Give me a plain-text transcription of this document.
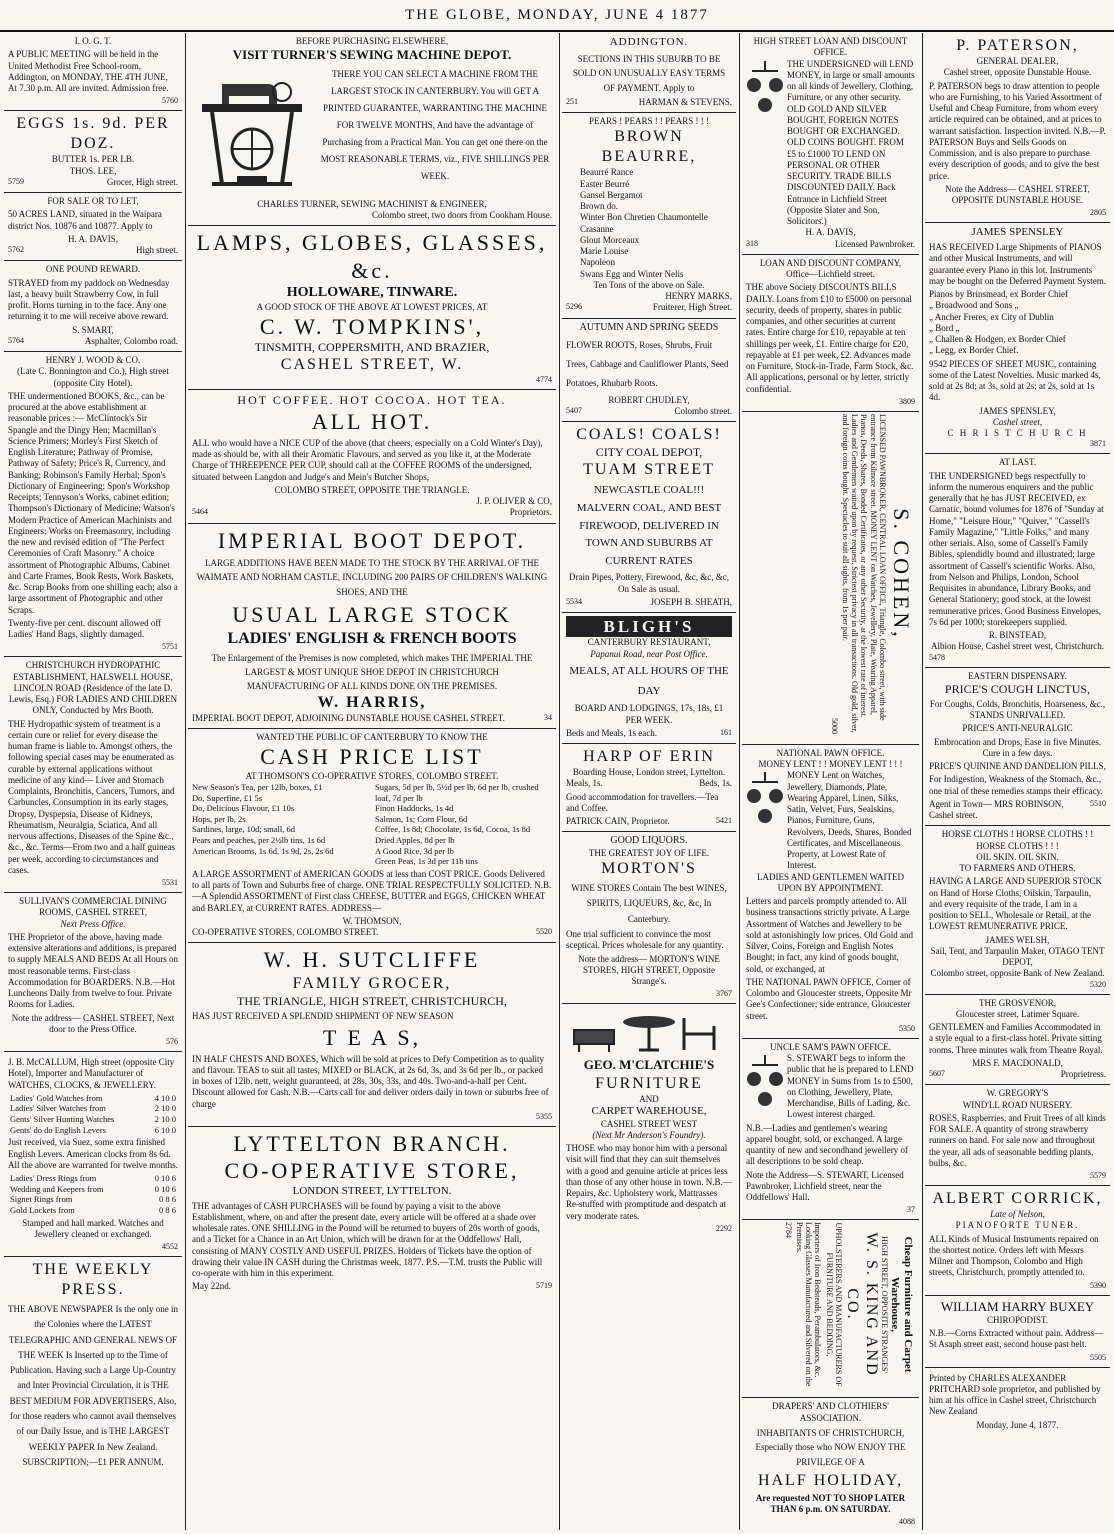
THE GLOBE, MONDAY, JUNE 4 1877
I. O. G. T.

A PUBLIC MEETING will be held in the United Methodist Free School-room, Addington, on MONDAY, THE 4TH JUNE, At 7.30 p.m. All are invited. Admission free.

5760
EGGS 1s. 9d. PER DOZ.
BUTTER 1s. PER LB.
THOS. LEE,
5759	Grocer, High street.
FOR SALE OR TO LET,

50 ACRES LAND, situated in the Waipara district Nos. 10876 and 10877. Apply to

H. A. DAVIS,
5762	High street.
ONE POUND REWARD.

STRAYED from my paddock on Wednesday last, a heavy built Strawberry Cow, in full profit. Horns turning in to the face. Any one returning it to me will receive above reward.

S. SMART,
5764	Asphalter, Colombo road.
HENRY J. WOOD & CO.
(Late C. Bonnington and Co.), High street (opposite City Hotel).

THE undermentioned BOOKS, &c., can be procured at the above establishment at reasonable prices :— McClintock's Sir Spangle and the Dingy Hen; Macmillan's Science Primers; Morley's First Sketch of English Literature; Pathway of Promise, Pathway of Safety; Price's R, Currency, and Banking; Robinson's Family Herbal; Spon's Dictionary of Engineering; Spon's Workshop Receipts; Tennyson's Works, cabinet edition; Thompson's Dictionary of Medicine; Watson's Modern Practice of American Machinists and Engineers; Works on Freemasonry, including the new and revised edition of "The Perfect Ceremonies of Craft Masonry." A choice assortment of Photographic Albums, Cabinet and Carte Frames, Book Rests, Work Baskets, &c. Scrap Books from one shilling each; also a large assortment of Photographic and other Scraps.

Twenty-five per cent. discount allowed off Ladies' Hand Bags, slightly damaged.

5751
CHRISTCHURCH HYDROPATHIC ESTABLISHMENT, HALSWELL HOUSE,
LINCOLN ROAD (Residence of the late D. Lewis, Esq.) FOR LADIES AND CHILDREN ONLY, Conducted by Mrs Booth.

THE Hydropathic system of treatment is a certain cure or relief for every disease the human frame is liable to. Amongst others, the following special cases may be enumerated as curable by external applications without medicine of any kind— Liver and Stomach Complaints, Bronchitis, Cancers, Tumors, and Carbuncles, Consumption in its early stages, Dropsy, Dyspepsia, Disease of Kidneys, Rheumatism, Neuralgia, Sciatica, And all nervous affections, Diseases of the Spine &c., &c., &c. Terms—From two and a half guineas per week, according to circumstances and cases.

5531
SULLIVAN'S COMMERCIAL DINING ROOMS, CASHEL STREET,
Next Press Office.

THE Proprietor of the above, having made extensive alterations and additions, is prepared to supply MEALS AND BEDS At all Hours on most reasonable terms. First-class Accommodation for BOARDERS. N.B.—Hot Luncheons Daily from twelve to four. Private Rooms for Ladies.

Note the address— CASHEL STREET, Next door to the Press Office.

576

J. B. McCALLUM, High street (opposite City Hotel), Importer and Manufacturer of WATCHES, CLOCKS, & JEWELLERY.

Ladies' Gold Watches from	4 10 0
Ladies' Silver Watches from	2 10 0
Gents' Silver Hunting Watches	2 10 0
Gents' do do English Levers	6 10 0

Just received, via Suez, some extra finished English Levers. American clocks from 8s 6d. All the above are warranted for twelve months.

Ladies' Dress Rings from	0 10 6
Wedding and Keepers from	0 10 6
Signet Rings from	0 8 6
Gold Lockets from	0 8 6

Stamped and hall marked. Watches and Jewellery cleaned or exchanged.

4552
THE WEEKLY PRESS.

THE ABOVE NEWSPAPER Is the only one in the Colonies where the LATEST TELEGRAPHIC AND GENERAL NEWS OF THE WEEK Is Inserted up to the Time of Publication. Having such a Large Up-Country and Inter Provincial Circulation, it is THE BEST MEDIUM FOR ADVERTISERS, Also, for those readers who cannot avail themselves of our Daily Issue, and is THE LARGEST WEEKLY PAPER In New Zealand.

SUBSCRIPTION;—£1 PER ANNUM.
BEFORE PURCHASING ELSEWHERE,
VISIT TURNER'S SEWING MACHINE DEPOT.

THERE YOU CAN SELECT A MACHINE FROM THE LARGEST STOCK IN CANTERBURY. You will GET A PRINTED GUARANTEE, WARRANTING THE MACHINE FOR TWELVE MONTHS, And have the advantage of Purchasing from a Practical Man. You can get one there on the MOST REASONABLE TERMS, viz., FIVE SHILLINGS PER WEEK.

CHARLES TURNER, SEWING MACHINIST & ENGINEER,
Colombo street, two doors from Cookham House.
LAMPS, GLOBES, GLASSES, &c.
HOLLOWARE, TINWARE.
A GOOD STOCK OF THE ABOVE AT LOWEST PRICES, AT
C. W. TOMPKINS',
TINSMITH, COPPERSMITH, AND BRAZIER,
CASHEL STREET, W.
4774
HOT COFFEE. HOT COCOA. HOT TEA.
ALL HOT.

ALL who would have a NICE CUP of the above (that cheers, especially on a Cold Winter's Day), made as should be, with all their Aromatic Flavours, and served as you like it, at the Moderate Charge of THREEPENCE PER CUP, should call at the COFFEE ROOMS of the undersigned, situated between Langdon and Judge's and Mein's Butcher Shops,

COLOMBO STREET, OPPOSITE THE TRIANGLE.
J. P. OLIVER & CO,
5464	Proprietors.
IMPERIAL BOOT DEPOT.

LARGE ADDITIONS HAVE BEEN MADE TO THE STOCK BY THE ARRIVAL OF THE WAIMATE AND NORHAM CASTLE, INCLUDING 200 PAIRS OF CHILDREN'S WALKING SHOES, AND THE

USUAL LARGE STOCK
LADIES' ENGLISH & FRENCH BOOTS

The Enlargement of the Premises is now completed, which makes THE IMPERIAL THE LARGEST & MOST UNIQUE SHOE DEPOT IN CHRISTCHURCH

MANUFACTURING OF ALL KINDS DONE ON THE PREMISES.
W. HARRIS,
IMPERIAL BOOT DEPOT, ADJOINING DUNSTABLE HOUSE CASHEL STREET.	34
WANTED THE PUBLIC OF CANTERBURY TO KNOW THE
CASH PRICE LIST
AT THOMSON'S CO-OPERATIVE STORES, COLOMBO STREET.
New Season's Tea, per 12lb, boxes, £1
Do, Superfine, £1 5s
Do, Delicious Flavour, £1 10s
Hops, per lb, 2s
Sardines, large, 10d; small, 6d
Pears and peaches, per 2½lb tins, 1s 6d
American Brooms, 1s 6d, 1s 9d, 2s, 2s 6d
Sugars, 5d per lb, 5½d per lb, 6d per lb, crushed loaf, 7d per lb
Finon Haddocks, 1s 4d
Salmon, 1s; Corn Flour, 6d
Coffee, 1s 8d; Chocolate, 1s 6d, Cocoa, 1s 8d
Dried Apples, 8d per lb
A Good Rice, 3d per lb
Green Peas, 1s 3d per 11b tins

A LARGE ASSORTMENT of AMERICAN GOODS at less than COST PRICE. Goods Delivered to all parts of Town and Suburbs free of charge. ONE TRIAL RESPECTFULLY SOLICITED. N.B.—A Splendid ASSORTMENT of First class CHEESE, BUTTER and EGGS, CHICKEN WHEAT and BARLEY, at CURRENT RATES. ADDRESS—

W. THOMSON,
CO-OPERATIVE STORES, COLOMBO STREET.	5520
W. H. SUTCLIFFE
FAMILY GROCER,
THE TRIANGLE, HIGH STREET, CHRISTCHURCH,

HAS JUST RECEIVED A SPLENDID SHIPMENT OF NEW SEASON

T E A S,

IN HALF CHESTS AND BOXES, Which will be sold at prices to Defy Competition as to quality and flavour. TEAS to suit all tastes, MIXED or BLACK, at 2s 6d, 3s, and 3s 6d per lb., or packed in boxes of 12lb. nett, weight guaranteed, at 28s, 30s, 33s, and 40s. Two-and-a-half per Cent. Discount allowed for Cash. N.B.—Carts call for and deliver orders daily in town or suburbs free of charge

5355
LYTTELTON BRANCH.
CO-OPERATIVE STORE,
LONDON STREET, LYTTELTON.

THE advantages of CASH PURCHASES will be found by paying a visit to the above Establishment, where, on and after the present date, every article will be offered at a shade over wholesale rates. ONE SHILLING in the Pound will be returned to buyers of 20s worth of goods, and a Ticket for a Chance in an Art Union, which will be drawn for at the Oddfellows' Hall, consisting of MANY COSTLY AND USEFUL PRIZES. Holders of Tickets have the option of drawing their value IN CASH during the Christmas week, 1877. P.S.—T.M. trusts the Public will co-operate with him in this experiment.

May 22nd.	5719
ADDINGTON.

SECTIONS IN THIS SUBURB TO BE SOLD ON UNUSUALLY EASY TERMS OF PAYMENT. Apply to

251	HARMAN & STEVENS.
PEARS ! PEARS ! ! PEARS ! ! !
BROWN BEAURRE,
Beaurré Rance
Easter Beurré
Gansel Bergamot
Brown do.
Winter Bon Chretien Chaumontelle
Crasanne
Glout Morceaux
Marie Louise
Napoleon
Swans Egg and Winter Nelis
Ten Tons of the above on Sale.
HENRY MARKS,
5296	Fruiterer, High Street.
AUTUMN AND SPRING SEEDS

FLOWER ROOTS, Roses, Shrubs, Fruit Trees, Cabbage and Cauliflower Plants, Seed Potatoes, Rhubarb Roots.

ROBERT CHUDLEY,
5407	Colombo street.
COALS! COALS!
CITY COAL DEPOT,
TUAM STREET

NEWCASTLE COAL!!! MALVERN COAL, AND BEST FIREWOOD, DELIVERED IN TOWN AND SUBURBS AT CURRENT RATES

Drain Pipes, Pottery, Firewood, &c, &c, &c, On Sale as usual.

5534	JOSEPH B. SHEATH,
BLIGH'S
CANTERBURY RESTAURANT,
Papanui Road, near Post Office.

MEALS, AT ALL HOURS OF THE DAY

BOARD AND LODGINGS, 17s, 18s, £1 PER WEEK.

Beds and Meals, 1s each.	161
HARP OF ERIN
Boarding House, London street, Lyttelton.
Meals, 1s.	Beds, 1s.

Good accommodation for travellers.—Tea and Coffee.

PATRICK CAIN, Proprietor.	5421
GOOD LIQUORS.
THE GREATEST JOY OF LIFE.
MORTON'S

WINE STORES Contain The best WINES, SPIRITS, LIQUEURS, &c, &c, In Canterbury.

One trial sufficient to convince the most sceptical. Prices wholesale for any quantity.

Note the address— MORTON'S WINE STORES, HIGH STREET, Opposite Strange's.

3767
GEO. M'CLATCHIE'S
FURNITURE
AND
CARPET WAREHOUSE,
CASHEL STREET WEST
(Next Mr Anderson's Foundry).

THOSE who may honor him with a personal visit will find that they can suit themselves with a good and genuine article at prices less than those of any other house in town. N.B.—Repairs, &c. Upholstery work, Mattrasses Re-stuffed with promptitude and despatch at very moderate rates.

2292
HIGH STREET LOAN AND DISCOUNT OFFICE.

THE UNDERSIGNED will LEND MONEY, in large or small amounts on all kinds of Jewellery, Clothing, Furniture, or any other security. OLD GOLD AND SILVER BOUGHT, FOREIGN NOTES BOUGHT OR EXCHANGED. OLD COINS BOUGHT. FROM £5 to £1000 TO LEND ON PERSONAL OR OTHER SECURITY. TRADE BILLS DISCOUNTED DAILY. Back Entrance in Lichfield Street (Opposite Slater and Son, Solicitors.)

H. A. DAVIS,
318	Licensed Pawnbroker.
LOAN AND DISCOUNT COMPANY,
Office—Lichfield street.

THE above Society DISCOUNTS BILLS DAILY. Loans from £10 to £5000 on personal security, deeds of property, shares in public companies, and other securities at current rates. Entire charge for £10, repayable at ten shillings per week, £1. Entire charge for £20, repayable at £1 per week, £2. Advances made on Furniture, Stock-in-Trade, Farm Stock, &c. All applications, personal or by letter, strictly confidential.

3809
S. COHEN,

LICENSED PAWNBROKER, CENTRAL LOAN OFFICE, Triangle, Colombo street, with side entrance from Kilmore street. MONEY LENT on Watches, Jewellery, Plate, Wearing Apparel, Pianos, Deeds, Shares, Bonded Certificates, or any other Security, at the lowest rate of interest. Ladies and Gentlemen waited upon by request. Strictest privacy in all transactions. Old gold, silver, and foreign coins bought. Spectacles to suit all sights, from 1s per pair.

5000
NATIONAL PAWN OFFICE.
MONEY LENT ! ! MONEY LENT ! ! !

MONEY Lent on Watches, Jewellery, Diamonds, Plate, Wearing Apparel, Linen, Silks, Satin, Velvet, Furs, Sealskins, Pianos, Furniture, Guns, Revolvers, Deeds, Shares, Bonded Certificates, and Miscellaneous Property, at Lowest Rate of Interest.

LADIES AND GENTLEMEN WAITED UPON BY APPOINTMENT.

Letters and parcels promptly attended to. All business transactions strictly private. A Large Assortment of Watches and Jewellery to be sold at astonishingly low prices. Old Gold and Silver, Coins, Foreign and English Notes Bought; in fact, any kind of goods bought, sold, or exchanged, at

THE NATIONAL PAWN OFFICE, Corner of Colombo and Gloucester streets, Opposite Mr Gee's Confectioner; side entrance, Gloucester street.

5350
UNCLE SAM'S PAWN OFFICE.

S. STEWART begs to inform the public that he is prepared to LEND MONEY in Sums from 1s to £500, on Clothing, Jewellery, Plate, Merchandise, Bills of Lading, &c. Lowest interest charged.

N.B.—Ladies and gentlemen's wearing apparel bought, sold, or exchanged. A large quantity of new and secondhand jewellery of all descriptions to be sold cheap.

Note the Address—S. STEWART, Licensed Pawnbroker, Lichfield street, near the Oddfellows' Hall.

37
Cheap Furniture and Carpet Warehouse,
HIGH STREET, OPPOSITE STRANGES'
W. S. KING AND CO.
UPHOLSTERERS AND MANUFACTURERS OF FURNITURE AND BEDDING,

Importers of Iron Bedsteads, Perambulators, &c. Looking Glasses Manufactured and Silvered on the Premises.

2784
DRAPERS' AND CLOTHIERS' ASSOCIATION.

INHABITANTS OF CHRISTCHURCH, Especially those who NOW ENJOY THE PRIVILEGE OF A

HALF HOLIDAY,

Are requested NOT TO SHOP LATER THAN 6 p.m. ON SATURDAY.

4088
P. PATERSON,
GENERAL DEALER,
Cashel street, opposite Dunstable House.

P. PATERSON begs to draw attention to people who are Furnishing, to his Varied Assortment of Useful and Cheap Furniture, from whom every article required can be obtained, and at prices to warrant satisfaction. Inspection invited. N.B.—P. PATERSON Buys and Sells Goods on Commission, and is also prepare to purchase every description of goods, and to give the best price.

Note the Address— CASHEL STREET, OPPOSITE DUNSTABLE HOUSE.

2805
JAMES SPENSLEY

HAS RECEIVED Large Shipments of PIANOS and other Musical Instruments, and will guarantee every Piano in this lot. Instruments may be bought on the Deferred Payment System.

Pianos by Brinsmead, ex Border Chief
„ Broadwood and Sons „
„ Ancher Freres, ex City of Dublin
„ Bord „
„ Challen & Hodgen, ex Border Chief
„ Legg, ex Border Chief.

9542 PIECES OF SHEET MUSIC, containing some of the Latest Novelties. Music marked 4s, sold at 2s 8d; at 3s, sold at 2s; at 2s, sold at 1s 4d.

JAMES SPENSLEY,
Cashel street,
C H R I S T C H U R C H
3871
AT LAST.

THE UNDERSIGNED begs respectfully to inform the numerous enquirers and the public generally that he has JUST RECEIVED, ex Carnatic, bound volumes for 1876 of "Sunday at Home," "Leisure Hour," "Quiver," "Cassell's Family Magazine," "Little Folks," and many other serials. Also, some of Cassell's Family Bibles, splendidly bound and illustrated; large assortment of Cassell's scientific Works. Also, from Nelson and Philips, London, School Requisites in abundance, Library Books, and General Stationery; good stock, at the lowest remunerative prices. Good Business Envelopes, 7s 6d per 1000; storekeepers supplied.

R. BINSTEAD,
Albion House, Cashel street west, Christchurch.
5478
EASTERN DISPENSARY.
PRICE'S COUGH LINCTUS,

For Coughs, Colds, Bronchitis, Hoarseness, &c., STANDS UNRIVALLED.

PRICE'S ANTI-NEURALGIC

Embrocation and Drops, Ease in five Minutes. Cure in a few days.

PRICE'S QUININE AND DANDELION PILLS,

For Indigestion, Weakness of the Stomach, &c., one trial of these remedies stamps their efficacy.

Agent in Town— MRS ROBINSON, Cashel street.
5510
HORSE CLOTHS ! HORSE CLOTHS ! ! HORSE CLOTHS ! ! !
OIL SKIN. OIL SKIN.
TO FARMERS AND OTHERS.

HAVING A LARGE AND SUPERIOR STOCK on Hand of Horse Cloths, Oilskin, Tarpaulin, and every requisite of the trade, I am in a position to SELL, Wholesale or Retail, at the LOWEST REMUNERATIVE PRICE.

JAMES WELSH,
Sail, Tent, and Tarpaulin Maker, OTAGO TENT DEPOT,
Colombo street, opposite Bank of New Zealand.
5320
THE GROSVENOR,
Gloucester street, Latimer Square.

GENTLEMEN and Families Accommodated in a style equal to a first-class hotel. Private sitting rooms. Three minutes walk from Theatre Royal.

MRS F. MACDONALD,
5607	Proprietress.
W. GREGORY'S
WIND'LL ROAD NURSERY.

ROSES, Raspberries, and Fruit Trees of all kinds FOR SALE. A quantity of strong strawberry runners on hand. For sale now and throughout the year, all ads of seasonable bedding plants, bulbs, &c.

5579
ALBERT CORRICK,
Late of Nelson,
PIANOFORTE TUNER.

ALL Kinds of Musical Instruments repaired on the shortest notice. Orders left with Messrs Milner and Thompson, Colombo and High streets, Christchurch, promptly attended to.

5390
WILLIAM HARRY BUXEY
CHIROPODIST.

N.B.—Corns Extracted without pain. Address—St Asaph street east, second house past belt.

5505

Printed by CHARLES ALEXANDER PRITCHARD sole proprietor, and published by him at his office in Cashel street, Christchurch New Zealand

Monday, June 4, 1877.
